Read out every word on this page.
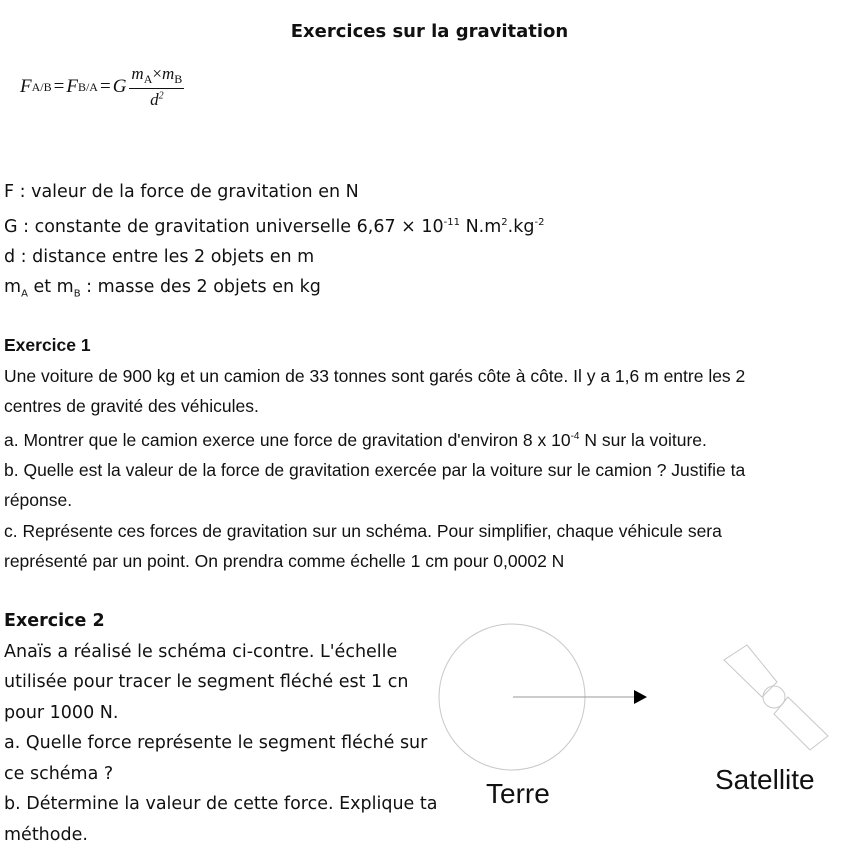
Exercices sur la gravitation
F A/B = F B/A = G $\frac{m_A\times m_B}{d^2}$
F : valeur de la force de gravitation en N
G : constante de gravitation universelle $6,67 \times 10^{-11}$ $N.m^2.kg^{-2}$
d : distance entre les 2 objets en m
$m_A$ et $m_B$ : masse des 2 objets en kg
Exercice 1
Une voiture de 900 kg et un camion de 33 tonnes sont garés côte à côte. Il y a 1,6 m entre les 2
centres de gravité des véhicules.
a. Montrer que le camion exerce une force de gravitation d'environ 8 x $10^{-4}$ N sur la voiture.
b. Quelle est la valeur de la force de gravitation exercée par la voiture sur le camion ? Justifie ta
réponse.
c. Représente ces forces de gravitation sur un schéma. Pour simplifier, chaque véhicule sera
représenté par un point. On prendra comme échelle 1 cm pour 0,0002 N
Exercice 2
Anaïs a réalisé le schéma ci-contre. L'échelle
utilisée pour tracer le segment fléché est 1 cn
pour 1000 N.
a. Quelle force représente le segment fléché sur
ce schéma ?
b. Détermine la valeur de cette force. Explique ta
méthode.
Terre	Satellite
